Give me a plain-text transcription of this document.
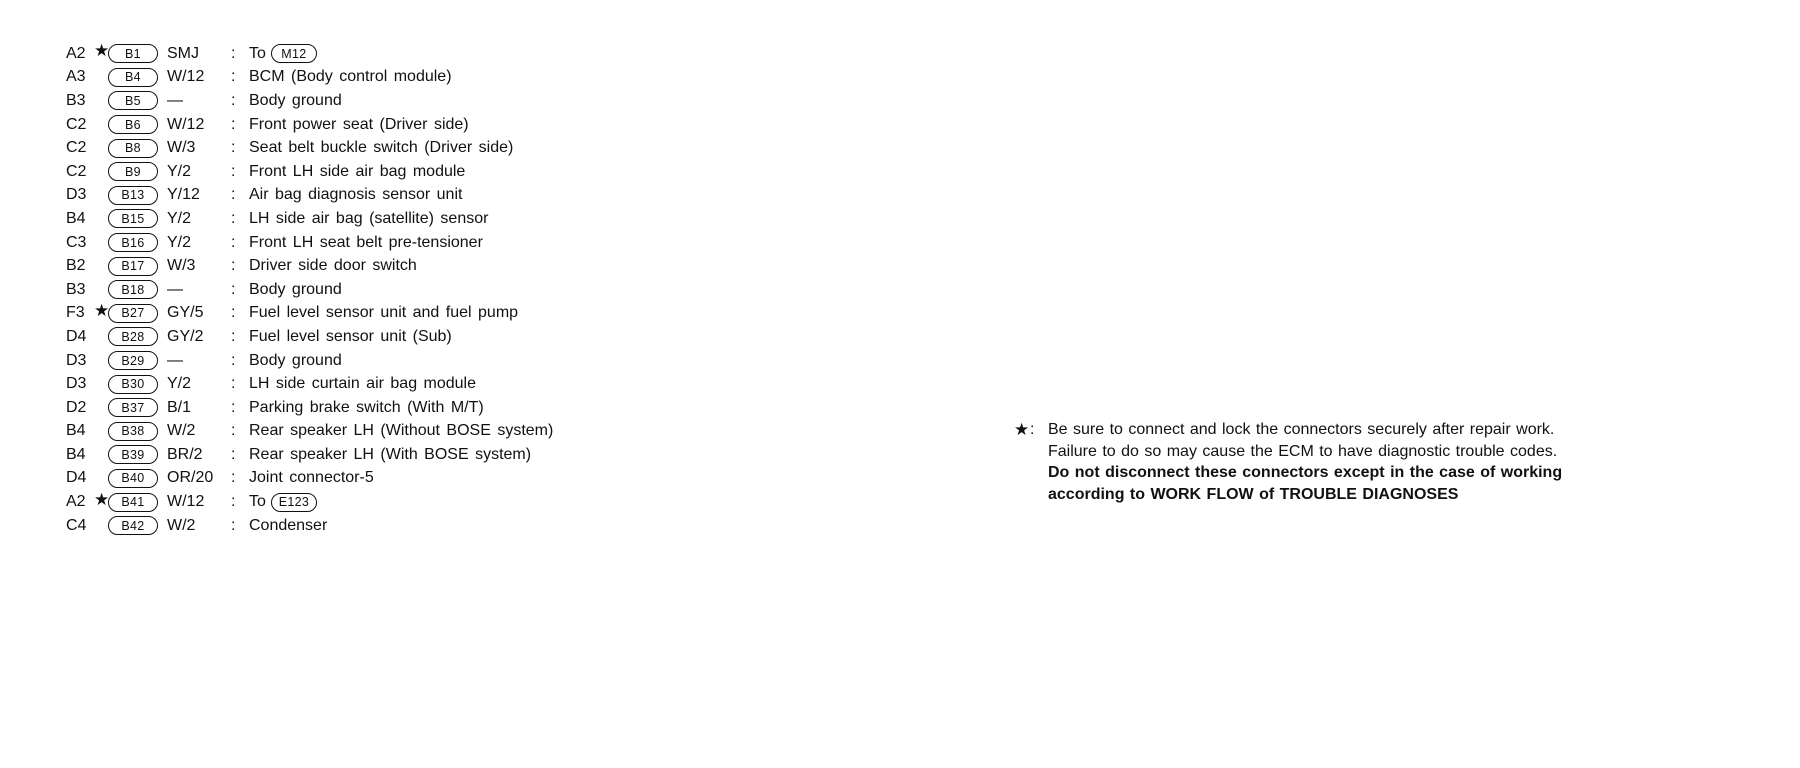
A2 ★	B1	SMJ	: To	M12
A3	B4	W/12	: BCM (Body control module)
B3	B5	—	: Body ground
C2	B6	W/12	: Front power seat (Driver side)
C2	B8	W/3	: Seat belt buckle switch (Driver side)
C2	B9	Y/2	: Front LH side air bag module
D3	B13	Y/12	: Air bag diagnosis sensor unit
B4	B15	Y/2	: LH side air bag (satellite) sensor
C3	B16	Y/2	: Front LH seat belt pre-tensioner
B2	B17	W/3	: Driver side door switch
B3	B18	—	: Body ground
F3 ★ B27	GY/5	: Fuel level sensor unit and fuel pump
D4	B28	GY/2	: Fuel level sensor unit (Sub)
D3	B29	—	: Body ground
D3	B30	Y/2	: LH side curtain air bag module
D2	B37	B/1	: Parking brake switch (With M/T)
B4	B38	W/2	: Rear speaker LH (Without BOSE system)
B4	B39	BR/2	: Rear speaker LH (With BOSE system)
D4	B40	OR/20	: Joint connector-5
A2 ★ B41	W/12	: To	E123
C4	B42	W/2	: Condenser
★ : Be sure to connect and lock the connectors securely after repair work.
Failure to do so may cause the ECM to have diagnostic trouble codes.
Do not disconnect these connectors except in the case of working
according to WORK FLOW of TROUBLE DIAGNOSES
